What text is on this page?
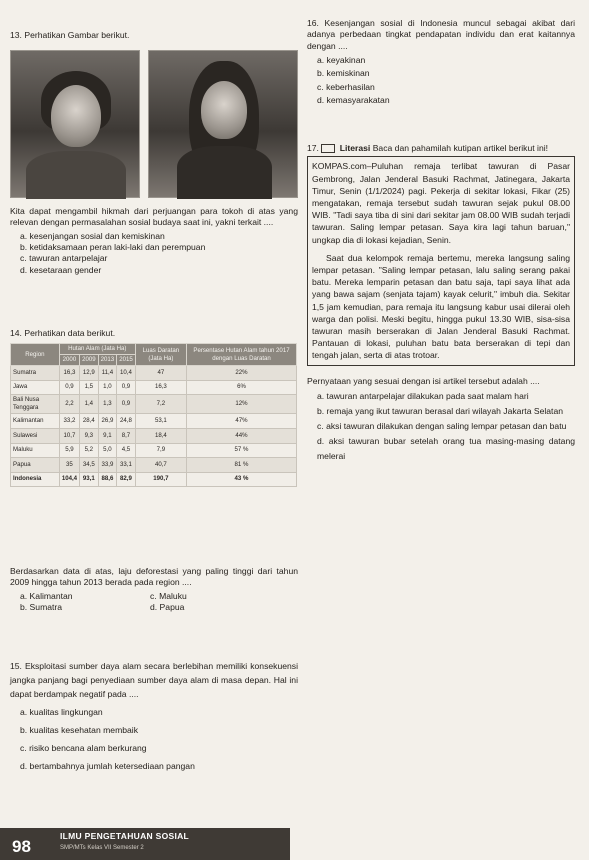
13. Perhatikan Gambar berikut.

Kita dapat mengambil hikmah dari perjuangan para tokoh di atas yang relevan dengan permasalahan sosial budaya saat ini, yakni terkait ....

a. kesenjangan sosial dan kemiskinan
b. ketidaksamaan peran laki-laki dan perempuan
c. tawuran antarpelajar
d. kesetaraan gender
14. Perhatikan data berikut.
Region	Hutan Alam (Jata Ha)				Luas Daratan (Jata Ha)	Persentase Hutan Alam tahun 2017 dengan Luas Daratan
	2000	2009	2013	2015		
Sumatra	16,3	12,9	11,4	10,4	47	22%
Jawa	0,9	1,5	1,0	0,9	16,3	6%
Bali Nusa Tenggara	2,2	1,4	1,3	0,9	7,2	12%
Kalimantan	33,2	28,4	26,9	24,8	53,1	47%
Sulawesi	10,7	9,3	9,1	8,7	18,4	44%
Maluku	5,9	5,2	5,0	4,5	7,9	57 %
Papua	35	34,5	33,9	33,1	40,7	81 %
Indonesia	104,4	93,1	88,6	82,9	190,7	43 %

Berdasarkan data di atas, laju deforestasi yang paling tinggi dari tahun 2009 hingga tahun 2013 berada pada region ....

a. Kalimantan	c. Maluku
b. Sumatra	d. Papua

15. Eksploitasi sumber daya alam secara berlebihan memiliki konsekuensi jangka panjang bagi penyediaan sumber daya alam di masa depan. Hal ini dapat berdampak negatif pada ....

a. kualitas lingkungan
b. kualitas kesehatan membaik
c. risiko bencana alam berkurang
d. bertambahnya jumlah ketersediaan pangan

16. Kesenjangan sosial di Indonesia muncul sebagai akibat dari adanya perbedaan tingkat pendapatan individu dan erat kaitannya dengan ....

a. keyakinan
b. kemiskinan
c. keberhasilan
d. kemasyarakatan

17. Literasi Baca dan pahamilah kutipan artikel berikut ini!

KOMPAS.com–Puluhan remaja terlibat tawuran di Pasar Gembrong, Jalan Jenderal Basuki Rachmat, Jatinegara, Jakarta Timur, Senin (1/1/2024) pagi. Pekerja di sekitar lokasi, Fikar (25) mengatakan, remaja tersebut sudah tawuran sejak pukul 08.00 WIB. "Tadi saya tiba di sini dari sekitar jam 08.00 WIB sudah terjadi tawuran. Saling lempar petasan. Saya kira lagi tahun baruan," ungkap dia di lokasi kejadian, Senin.

Saat dua kelompok remaja bertemu, mereka langsung saling lempar petasan. "Saling lempar petasan, lalu saling serang pakai batu. Mereka lemparin petasan dan batu saja, tapi saya lihat ada yang bawa sajam (senjata tajam) kayak celurit," imbuh dia. Sekitar 1,5 jam kemudian, para remaja itu langsung kabur usai dilerai oleh warga dan polisi. Meski begitu, hingga pukul 13.30 WIB, sisa-sisa tawuran masih berserakan di Jalan Jenderal Basuki Rachmat. Pantauan di lokasi, puluhan batu bata berserakan di tepi dan tengah jalan, serta di atas trotoar.

Pernyataan yang sesuai dengan isi artikel tersebut adalah ....

a. tawuran antarpelajar dilakukan pada saat malam hari
b. remaja yang ikut tawuran berasal dari wilayah Jakarta Selatan
c. aksi tawuran dilakukan dengan saling lempar petasan dan batu
d. aksi tawuran bubar setelah orang tua masing-masing datang melerai
98
ILMU PENGETAHUAN SOSIAL
SMP/MTs Kelas VII Semester 2
